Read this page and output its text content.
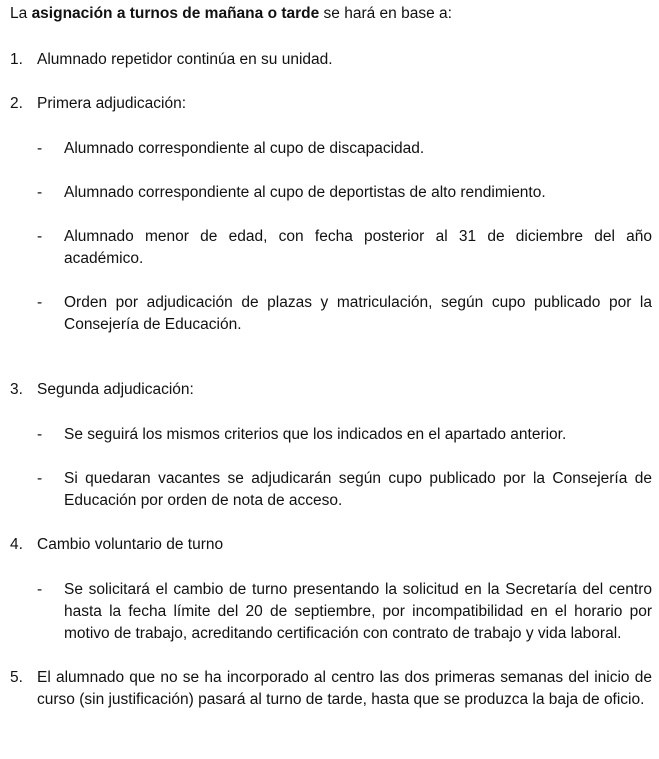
La asignación a turnos de mañana o tarde se hará en base a:

1. Alumnado repetidor continúa en su unidad.
2. Primera adjudicación:
-	Alumnado correspondiente al cupo de discapacidad.
-	Alumnado correspondiente al cupo de deportistas de alto rendimiento.
-	Alumnado menor de edad, con fecha posterior al 31 de diciembre del año académico.
-	Orden por adjudicación de plazas y matriculación, según cupo publicado por la Consejería de Educación.
3. Segunda adjudicación:
-	Se seguirá los mismos criterios que los indicados en el apartado anterior.
-	Si quedaran vacantes se adjudicarán según cupo publicado por la Consejería de Educación por orden de nota de acceso.
4. Cambio voluntario de turno
-	Se solicitará el cambio de turno presentando la solicitud en la Secretaría del centro hasta la fecha límite del 20 de septiembre, por incompatibilidad en el horario por motivo de trabajo, acreditando certificación con contrato de trabajo y vida laboral.
5. El alumnado que no se ha incorporado al centro las dos primeras semanas del inicio de curso (sin justificación) pasará al turno de tarde, hasta que se produzca la baja de oficio.
